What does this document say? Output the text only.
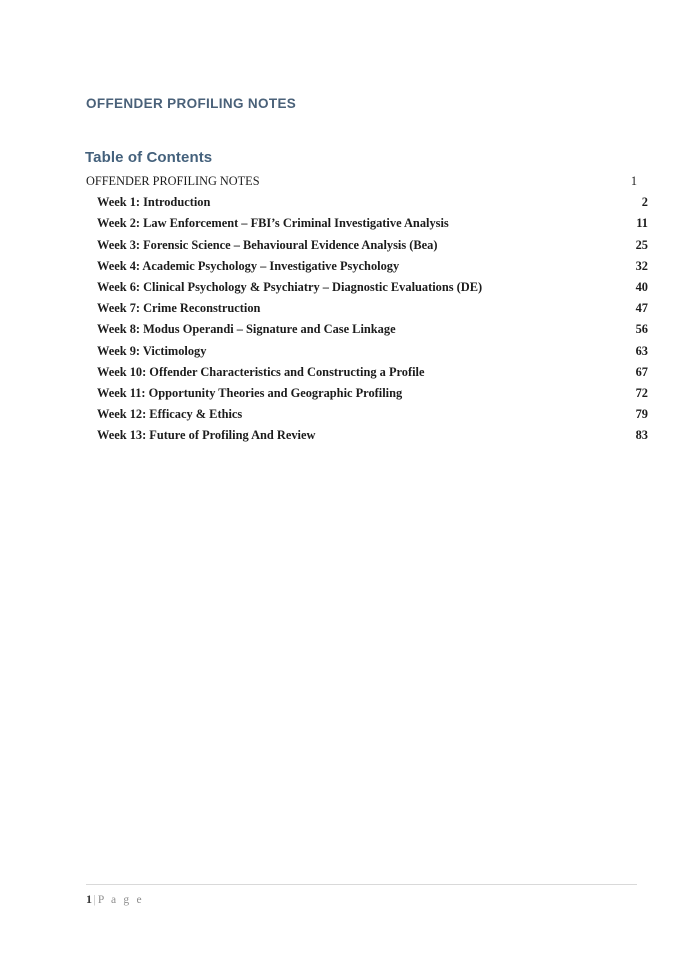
OFFENDER PROFILING NOTES
Table of Contents
OFFENDER PROFILING NOTES	1
Week 1: Introduction	2
Week 2: Law Enforcement – FBI’s Criminal Investigative Analysis	11
Week 3: Forensic Science – Behavioural Evidence Analysis (Bea)	25
Week 4: Academic Psychology – Investigative Psychology	32
Week 6: Clinical Psychology & Psychiatry – Diagnostic Evaluations (DE)	40
Week 7: Crime Reconstruction	47
Week 8: Modus Operandi – Signature and Case Linkage	56
Week 9: Victimology	63
Week 10: Offender Characteristics and Constructing a Profile	67
Week 11: Opportunity Theories and Geographic Profiling	72
Week 12: Efficacy & Ethics	79
Week 13: Future of Profiling And Review	83
1 | P a g e
